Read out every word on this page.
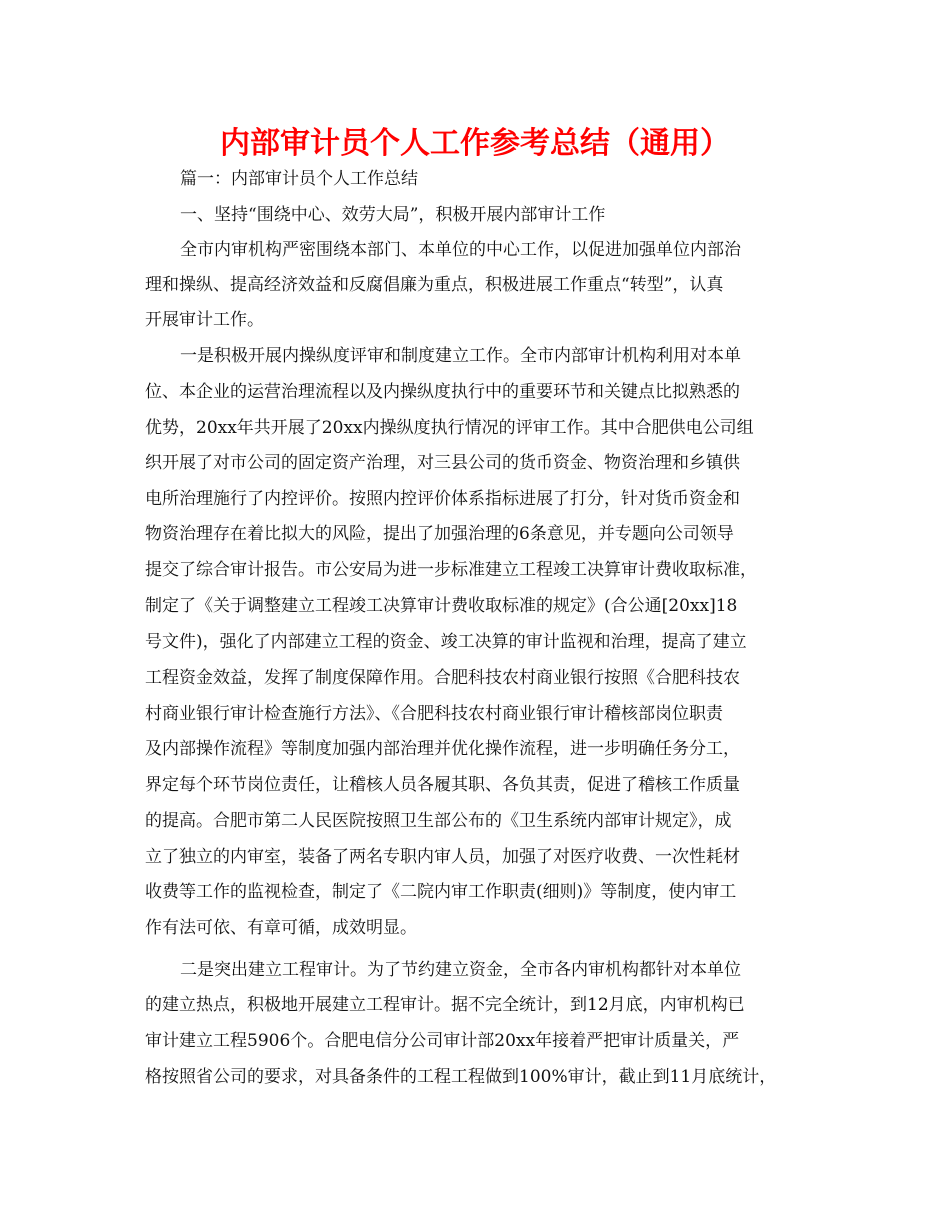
内部审计员个人工作参考总结（通用）

篇一：内部审计员个人工作总结

一、坚持“围绕中心、效劳大局”，积极开展内部审计工作

全市内审机构严密围绕本部门、本单位的中心工作，以促进加强单位内部治

理和操纵、提高经济效益和反腐倡廉为重点，积极进展工作重点“转型”，认真

开展审计工作。

一是积极开展内操纵度评审和制度建立工作。全市内部审计机构利用对本单

位、本企业的运营治理流程以及内操纵度执行中的重要环节和关键点比拟熟悉的

优势，20xx年共开展了20xx内操纵度执行情况的评审工作。其中合肥供电公司组

织开展了对市公司的固定资产治理，对三县公司的货币资金、物资治理和乡镇供

电所治理施行了内控评价。按照内控评价体系指标进展了打分，针对货币资金和

物资治理存在着比拟大的风险，提出了加强治理的6条意见，并专题向公司领导

提交了综合审计报告。市公安局为进一步标准建立工程竣工决算审计费收取标准，

制定了《关于调整建立工程竣工决算审计费收取标准的规定》(合公通[20xx]18

号文件)，强化了内部建立工程的资金、竣工决算的审计监视和治理，提高了建立

工程资金效益，发挥了制度保障作用。合肥科技农村商业银行按照《合肥科技农

村商业银行审计检查施行方法》、《合肥科技农村商业银行审计稽核部岗位职责

及内部操作流程》等制度加强内部治理并优化操作流程，进一步明确任务分工，

界定每个环节岗位责任，让稽核人员各履其职、各负其责，促进了稽核工作质量

的提高。合肥市第二人民医院按照卫生部公布的《卫生系统内部审计规定》，成

立了独立的内审室，装备了两名专职内审人员，加强了对医疗收费、一次性耗材

收费等工作的监视检查，制定了《二院内审工作职责(细则)》等制度，使内审工

作有法可依、有章可循，成效明显。

二是突出建立工程审计。为了节约建立资金，全市各内审机构都针对本单位

的建立热点，积极地开展建立工程审计。据不完全统计，到12月底，内审机构已

审计建立工程5906个。合肥电信分公司审计部20xx年接着严把审计质量关，严

格按照省公司的要求，对具备条件的工程工程做到100%审计，截止到11月底统计，
